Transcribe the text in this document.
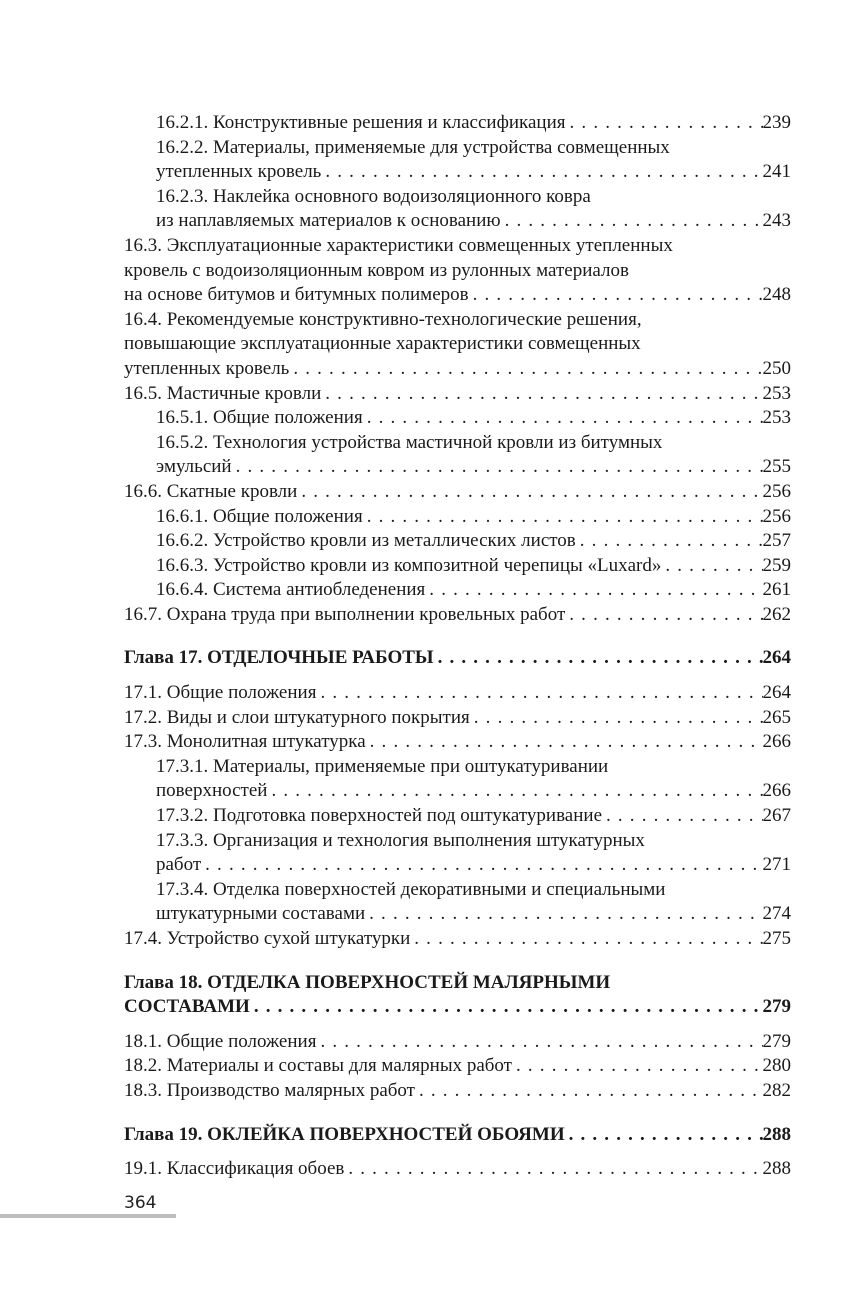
16.2.1. Конструктивные решения и классификация . . .	239
16.2.2. Материалы, применяемые для устройства совмещенных
утепленных кровель . . .	241
16.2.3. Наклейка основного водоизоляционного ковра
из наплавляемых материалов к основанию . . .	243
16.3. Эксплуатационные характеристики совмещенных утепленных
кровель с водоизоляционным ковром из рулонных материалов
на основе битумов и битумных полимеров . . .	248
16.4. Рекомендуемые конструктивно-технологические решения,
повышающие эксплуатационные характеристики совмещенных
утепленных кровель . . .	250
16.5. Мастичные кровли . . .	253
16.5.1. Общие положения . . .	253
16.5.2. Технология устройства мастичной кровли из битумных
эмульсий . . .	255
16.6. Скатные кровли . . .	256
16.6.1. Общие положения . . .	256
16.6.2. Устройство кровли из металлических листов . . .	257
16.6.3. Устройство кровли из композитной черепицы «Luxard» . . .	259
16.6.4. Система антиобледенения . . .	261
16.7. Охрана труда при выполнении кровельных работ . . .	262
Глава 17. ОТДЕЛОЧНЫЕ РАБОТЫ . . .	264
17.1. Общие положения . . .	264
17.2. Виды и слои штукатурного покрытия . . .	265
17.3. Монолитная штукатурка . . .	266
17.3.1. Материалы, применяемые при оштукатуривании
поверхностей . . .	266
17.3.2. Подготовка поверхностей под оштукатуривание . . .	267
17.3.3. Организация и технология выполнения штукатурных
работ . . .	271
17.3.4. Отделка поверхностей декоративными и специальными
штукатурными составами . . .	274
17.4. Устройство сухой штукатурки . . .	275
Глава 18. ОТДЕЛКА ПОВЕРХНОСТЕЙ МАЛЯРНЫМИ
СОСТАВАМИ . . .	279
18.1. Общие положения . . .	279
18.2. Материалы и составы для малярных работ . . .	280
18.3. Производство малярных работ . . .	282
Глава 19. ОКЛЕЙКА ПОВЕРХНОСТЕЙ ОБОЯМИ . . .	288
19.1. Классификация обоев . . .	288
364
